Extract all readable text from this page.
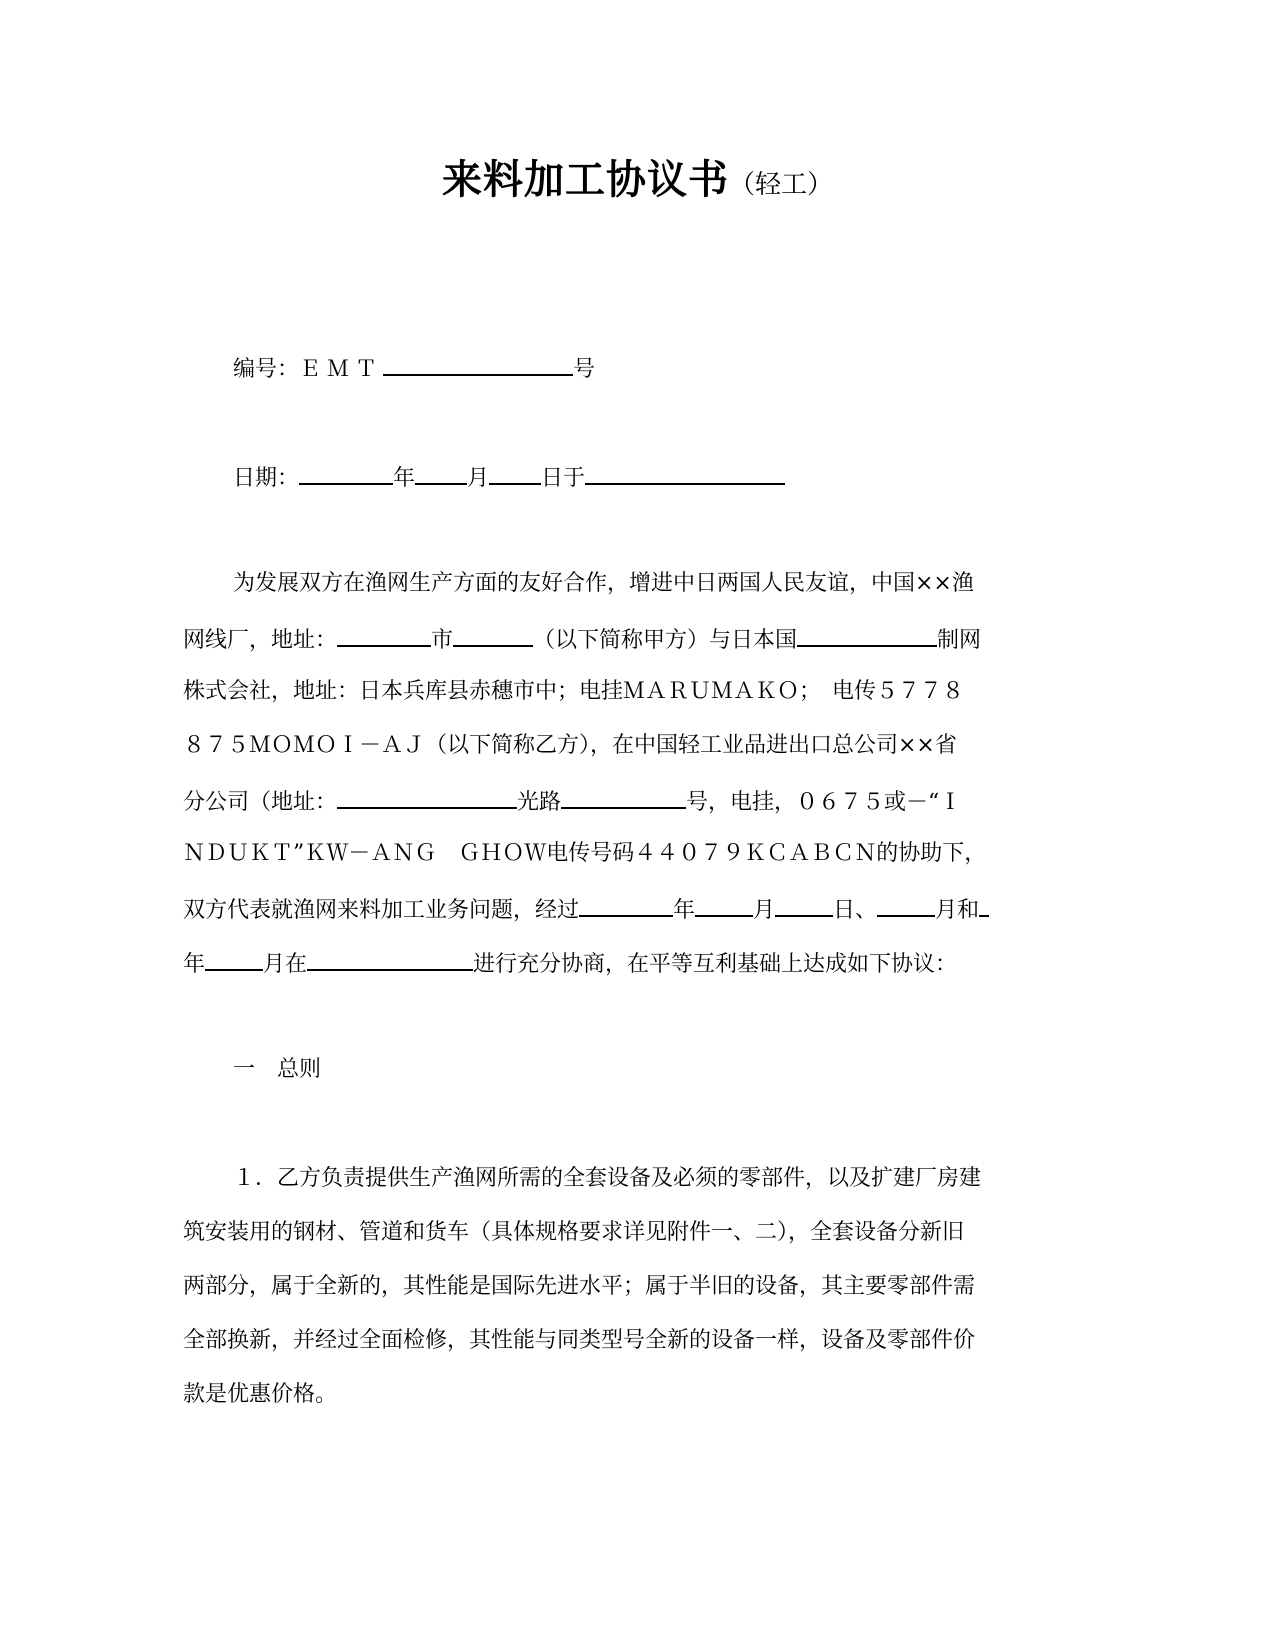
来料加工协议书（轻工）
编号：ＥＭＴ	号
日期：	年 月 日于
为发展双方在渔网生产方面的友好合作，增进中日两国人民友谊，中国××渔
网线厂，地址：	市	（以下简称甲方）与日本国	制网
株式会社，地址：日本兵库县赤穗市中；电挂ＭＡＲＵＭＡＫＯ；　电传５７７８
８７５ＭＯＭＯＩ－ＡＪ（以下简称乙方），在中国轻工业品进出口总公司××省
分公司（地址：	光路	号，电挂，０６７５或－“Ｉ
ＮＤＵＫＴ”ＫＷ－ＡＮＧ　ＧＨＯＷ电传号码４４０７９ＫＣＡＢＣＮ的协助下，
双方代表就渔网来料加工业务问题，经过	年	月	日、	月和
年	月在	进行充分协商，在平等互利基础上达成如下协议：
一　总则
１．乙方负责提供生产渔网所需的全套设备及必须的零部件，以及扩建厂房建
筑安装用的钢材、管道和货车（具体规格要求详见附件一、二），全套设备分新旧
两部分，属于全新的，其性能是国际先进水平；属于半旧的设备，其主要零部件需
全部换新，并经过全面检修，其性能与同类型号全新的设备一样，设备及零部件价
款是优惠价格。
